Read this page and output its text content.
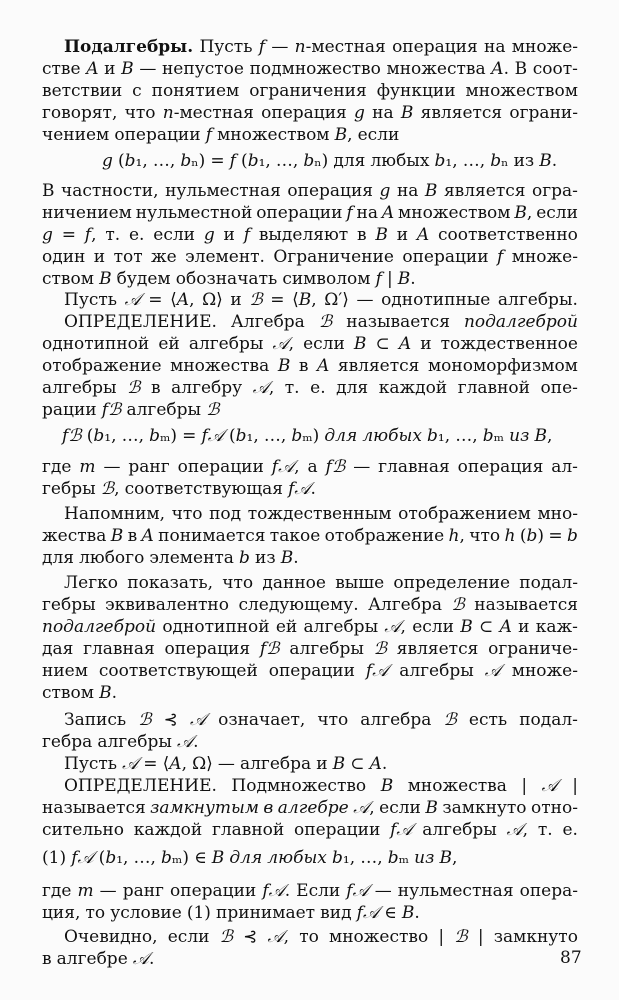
Подалгебры. Пусть f — n-местная операция на множе-
стве A и B — непустое подмножество множества A. В соот-
ветствии с понятием ограничения функции множеством
говорят, что n-местная операция g на B является ограни-
чением операции f множеством B, если
g (b₁, …, bₙ) = f (b₁, …, bₙ) для любых b₁, …, bₙ из B.
В частности, нульместная операция g на B является огра-
ничением нульместной операции f на A множеством B, если
g = f, т. е. если g и f выделяют в B и A соответственно
один и тот же элемент. Ограничение операции f множе-
ством B будем обозначать символом f | B.
Пусть 𝒜 = ⟨A, Ω⟩ и ℬ = ⟨B, Ω′⟩ — однотипные алгебры.
ОПРЕДЕЛЕНИЕ. Алгебра ℬ называется подалгеброй
однотипной ей алгебры 𝒜, если B ⊂ A и тождественное
отображение множества B в A является мономорфизмом
алгебры ℬ в алгебру 𝒜, т. е. для каждой главной опе-
рации fℬ алгебры ℬ
fℬ (b₁, …, bₘ) = f𝒜 (b₁, …, bₘ) для любых b₁, …, bₘ из B,
где m — ранг операции f𝒜, а fℬ — главная операция ал-
гебры ℬ, соответствующая f𝒜.
Напомним, что под тождественным отображением мно-
жества B в A понимается такое отображение h, что h (b) = b
для любого элемента b из B.
Легко показать, что данное выше определение подал-
гебры эквивалентно следующему. Алгебра ℬ называется
подалгеброй однотипной ей алгебры 𝒜, если B ⊂ A и каж-
дая главная операция fℬ алгебры ℬ является ограниче-
нием соответствующей операции f𝒜 алгебры 𝒜 множе-
ством B.
Запись ℬ ⊰ 𝒜 означает, что алгебра ℬ есть подал-
гебра алгебры 𝒜.
Пусть 𝒜 = ⟨A, Ω⟩ — алгебра и B ⊂ A.
ОПРЕДЕЛЕНИЕ. Подмножество B множества | 𝒜 |
называется замкнутым в алгебре 𝒜, если B замкнуто отно-
сительно каждой главной операции f𝒜 алгебры 𝒜, т. е.
(1) f𝒜 (b₁, …, bₘ) ∈ B для любых b₁, …, bₘ из B,
где m — ранг операции f𝒜. Если f𝒜 — нульместная опера-
ция, то условие (1) принимает вид f𝒜 ∈ B.
Очевидно, если ℬ ⊰ 𝒜, то множество | ℬ | замкнуто
в алгебре 𝒜.	87
